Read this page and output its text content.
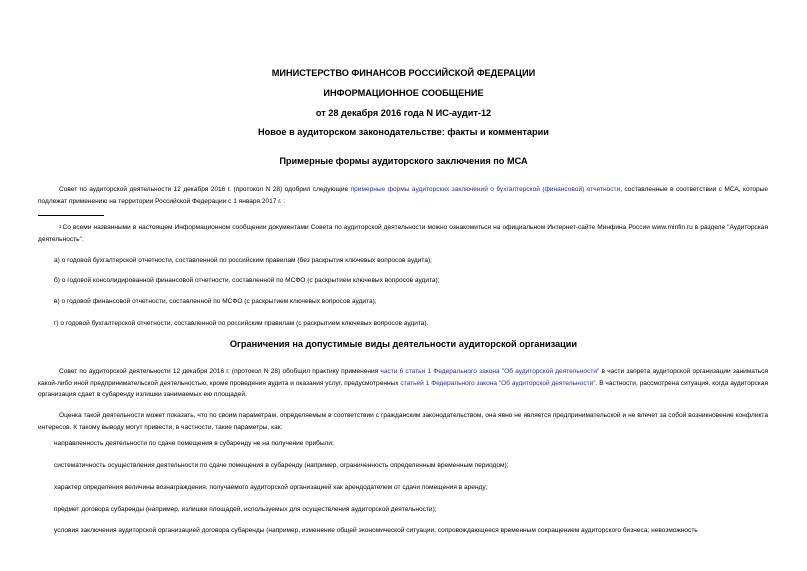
МИНИСТЕРСТВО ФИНАНСОВ РОССИЙСКОЙ ФЕДЕРАЦИИ
ИНФОРМАЦИОННОЕ СООБЩЕНИЕ
от 28 декабря 2016 года N ИС-аудит-12
Новое в аудиторском законодательстве: факты и комментарии
Примерные формы аудиторского заключения по МСА
Совет по аудиторской деятельности 12 декабря 2016 г. (протокол N 28) одобрил следующие примерные формы аудиторских заключений о бухгалтерской (финансовой) отчетности, составленные в соответствии с МСА, которые подлежат применению на территории Российской Федерации с 1 января 2017 г. :
1Со всеми названными в настоящем Информационном сообщении документами Совета по аудиторской деятельности можно ознакомиться на официальном Интернет-сайте Минфина России www.minfin.ru в разделе "Аудиторская деятельность".
а) о годовой бухгалтерской отчетности, составленной по российским правилам (без раскрытия ключевых вопросов аудита);
б) о годовой консолидированной финансовой отчетности, составленной по МСФО (с раскрытием ключевых вопросов аудита);
в) о годовой финансовой отчетности, составленной по МСФО (с раскрытием ключевых вопросов аудита);
г) о годовой бухгалтерской отчетности, составленной по российским правилам (с раскрытием ключевых вопросов аудита).
Ограничения на допустимые виды деятельности аудиторской организации
Совет по аудиторской деятельности 12 декабря 2016 г. (протокол N 28) обобщил практику применения части 6 статьи 1 Федерального закона "Об аудиторской деятельности" в части запрета аудиторской организации заниматься какой-либо иной предпринимательской деятельностью, кроме проведения аудита и оказания услуг, предусмотренных статьей 1 Федерального закона "Об аудиторской деятельности". В частности, рассмотрена ситуация, когда аудиторская организация сдает в субаренду излишки занимаемых ею площадей.
Оценка такой деятельности может показать, что по своим параметрам, определяемым в соответствии с гражданским законодательством, она явно не является предпринимательской и не влечет за собой возникновение конфликта интересов. К такому выводу могут привести, в частности, такие параметры, как:
направленность деятельности по сдаче помещения в субаренду не на получение прибыли;
систематичность осуществления деятельности по сдаче помещения в субаренду (например, ограниченность определенным временным периодом);
характер определения величины вознаграждения, получаемого аудиторской организацией как арендодателем от сдачи помещения в аренду;
предмет договора субаренды (например, излишки площадей, используемых для осуществления аудиторской деятельности);
условия заключения аудиторской организацией договора субаренды (например, изменение общей экономической ситуации, сопровождающееся временным сокращением аудиторского бизнеса; невозможность
